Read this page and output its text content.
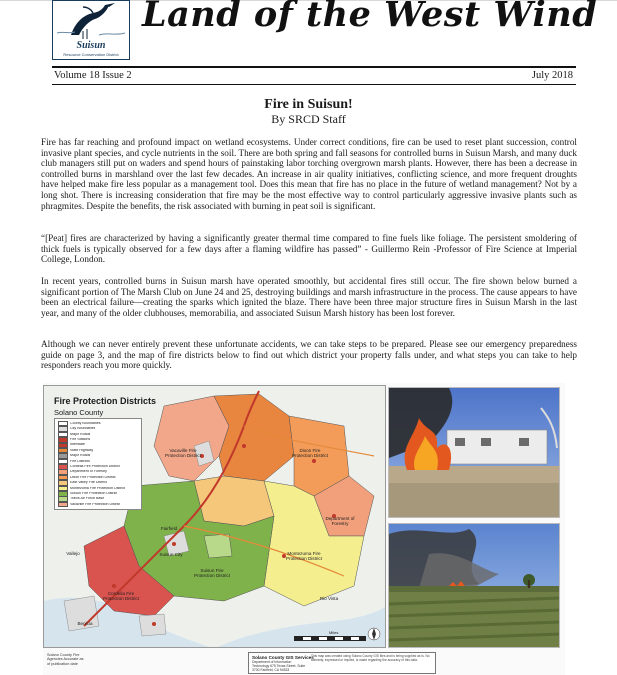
Suisun
Resource Conservation District
Land of the West Wind
Volume 18 Issue 2	July 2018
Fire in Suisun!
By SRCD Staff

Fire has far reaching and profound impact on wetland ecosystems. Under correct conditions, fire can be used to reset plant succession, control invasive plant species, and cycle nutrients in the soil. There are both spring and fall seasons for controlled burns in Suisun Marsh, and many duck club managers still put on waders and spend hours of painstaking labor torching overgrown marsh plants. However, there has been a decrease in controlled burns in marshland over the last few decades. An increase in air quality initiatives, conflicting science, and more frequent droughts have helped make fire less popular as a management tool. Does this mean that fire has no place in the future of wetland management? Not by a long shot. There is increasing consideration that fire may be the most effective way to control particularly aggressive invasive plants such as phragmites. Despite the benefits, the risk associated with burning in peat soil is significant.

“[Peat] fires are characterized by having a significantly greater thermal time compared to fine fuels like foliage. The persistent smoldering of thick fuels is typically observed for a few days after a flaming wildfire has passed” - Guillermo Rein -Professor of Fire Science at Imperial College, London.

In recent years, controlled burns in Suisun marsh have operated smoothly, but accidental fires still occur. The fire shown below burned a significant portion of The Marsh Club on June 24 and 25, destroying buildings and marsh infrastructure in the process. The cause appears to have been an electrical failure—creating the sparks which ignited the blaze. There have been three major structure fires in Suisun Marsh in the last year, and many of the older clubhouses, memorabilia, and associated Suisun Marsh history has been lost forever.

Although we can never entirely prevent these unfortunate accidents, we can take steps to be prepared. Please see our emergency preparedness guide on page 3, and the map of fire districts below to find out which district your property falls under, and what steps you can take to help responders reach you more quickly.

Fire Protection Districts
Solano County
County Boundaries
City Boundaries
Major Roads
Fire Stations
Interstate
State Highway
Major Roads
Fire Districts
Cordelia Fire Protection District
Department of Forestry
Dixon Fire Protection District
East Valley Fire District
Montezuma Fire Protection District
Suisun Fire Protection District
Travis Air Force Base
Vacaville Fire Protection District
Vacaville Fire Protection District
Dixon Fire Protection District
Department of Forestry
Montezuma Fire Protection District
Suisun Fire Protection District
Cordelia Fire Protection District
Benicia
Vallejo
Rio Vista
Fairfield
Suisun City
Miles
Solano County Fire Agencies Accurate as of publication date
Solano County GIS Services
Department of Information Technology 675 Texas Street, Suite 3700 Fairfield, CA 94533
This map was created using Solano County GIS files and is being supplied as is. No warranty, expressed or implied, is made regarding the accuracy of this data.
